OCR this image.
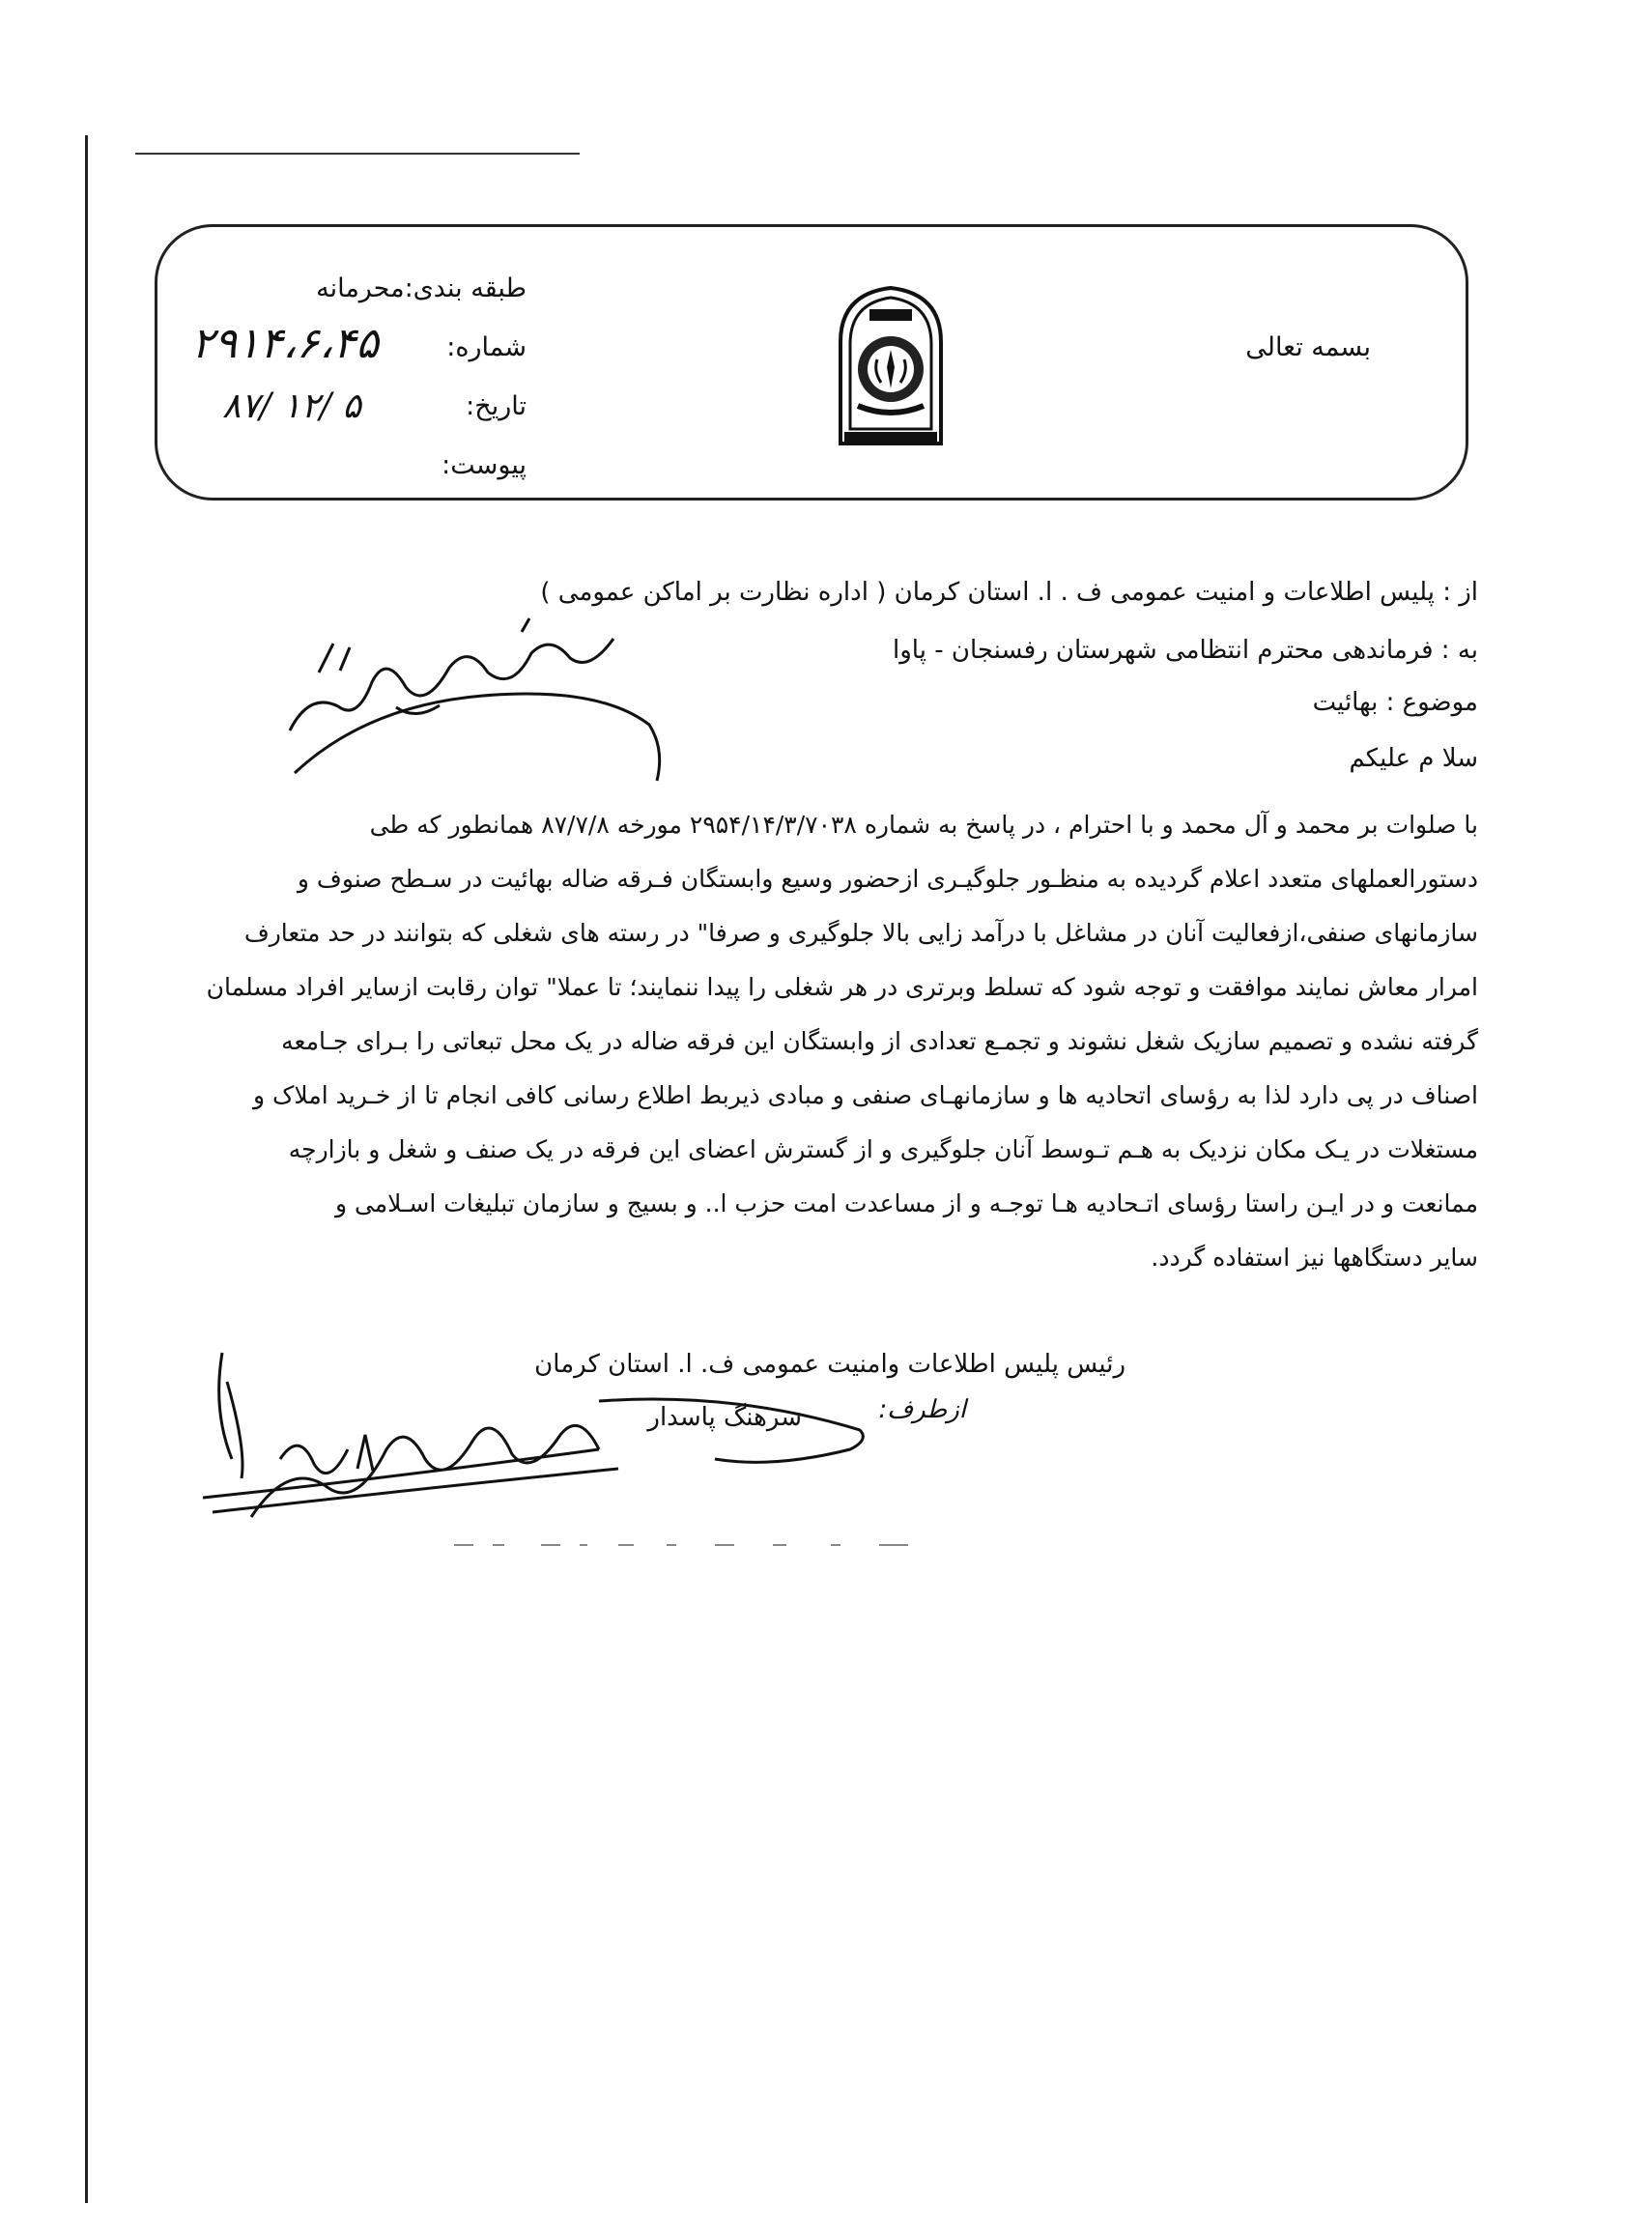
بسمه تعالی
طبقه بندی:محرمانه
شماره:
تاریخ:
پیوست:
۲۹۱۴،۶،۴۵
۸۷/ ۱۲/ ۵
از : پلیس اطلاعات و امنیت عمومی ف . ا. استان کرمان ( اداره نظارت بر اماکن عمومی )
به : فرماندهی محترم انتظامی شهرستان رفسنجان - پاوا
موضوع : بهائیت
سلا م علیکم
با صلوات بر محمد و آل محمد و با احترام ، در پاسخ به شماره ۲۹۵۴/۱۴/۳/۷۰۳۸ مورخه ۸۷/۷/۸ همانطور که طی
دستورالعملهای متعدد اعلام گردیده به منظـور جلوگیـری ازحضور وسیع وابستگان فـرقه ضاله بهائیت در سـطح صنوف و
سازمانهای صنفی،ازفعالیت آنان در مشاغل با درآمد زایی بالا جلوگیری و صرفا" در رسته های شغلی که بتوانند در حد متعارف
امرار معاش نمایند موافقت و توجه شود که تسلط وبرتری در هر شغلی را پیدا ننمایند؛ تا عملا" توان رقابت ازسایر افراد مسلمان
گرفته نشده و تصمیم سازیک شغل نشوند و تجمـع تعدادی از وابستگان این فرقه ضاله در یک محل تبعاتی را بـرای جـامعه
اصناف در پی دارد لذا به رؤسای اتحادیه ها و سازمانهـای صنفی و مبادی ذیربط اطلاع رسانی کافی انجام تا از خـرید املاک و
مستغلات در یـک مکان نزدیک به هـم تـوسط آنان جلوگیری و از گسترش اعضای این فرقه در یک صنف و شغل و بازارچه
ممانعت و در ایـن راستا رؤسای اتـحادیه هـا توجـه و از مساعدت امت حزب ا.. و بسیج و سازمان تبلیغات اسـلامی و
سایر دستگاهها نیز استفاده گردد.
رئیس پلیس اطلاعات وامنیت عمومی ف. ا. استان کرمان
سرهنگ پاسدار	ازطرف:
